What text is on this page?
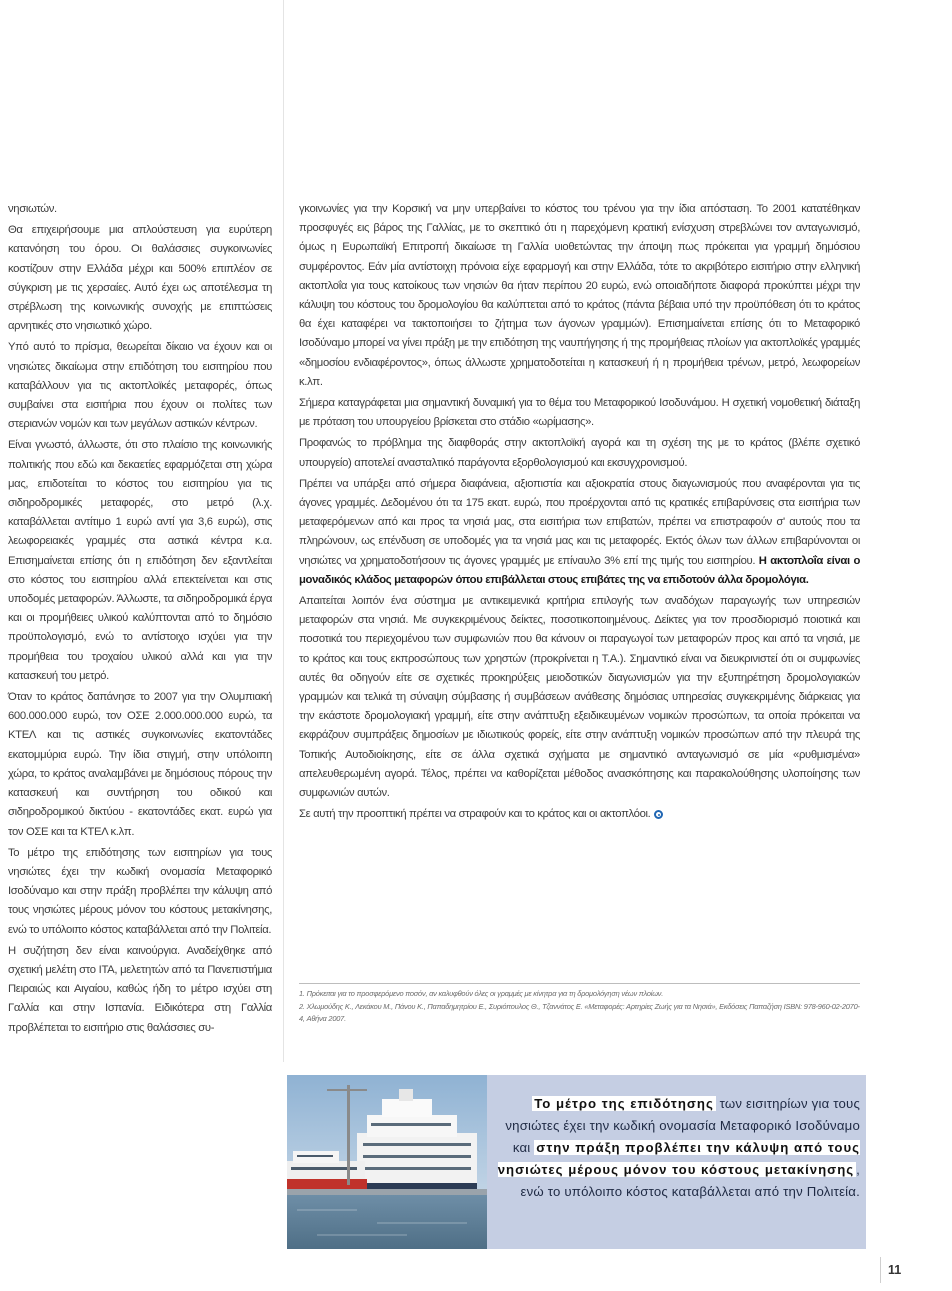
νησιωτών.

Θα επιχειρήσουμε μια απλούστευση για ευρύτερη κατανόηση του όρου. Οι θαλάσσιες συγκοινωνίες κοστίζουν στην Ελλάδα μέχρι και 500% επιπλέον σε σύγκριση με τις χερσαίες. Αυτό έχει ως αποτέλεσμα τη στρέβλωση της κοινωνικής συνοχής με επιπτώσεις αρνητικές στο νησιωτικό χώρο.

Υπό αυτό το πρίσμα, θεωρείται δίκαιο να έχουν και οι νησιώτες δικαίωμα στην επιδότηση του εισιτηρίου που καταβάλλουν για τις ακτοπλοϊκές μεταφορές, όπως συμβαίνει στα εισιτήρια που έχουν οι πολίτες των στεριανών νομών και των μεγάλων αστικών κέντρων.

Είναι γνωστό, άλλωστε, ότι στο πλαίσιο της κοινωνικής πολιτικής που εδώ και δεκαετίες εφαρμόζεται στη χώρα μας, επιδοτείται το κόστος του εισιτηρίου για τις σιδηροδρομικές μεταφορές, στο μετρό (λ.χ. καταβάλλεται αντίτιμο 1 ευρώ αντί για 3,6 ευρώ), στις λεωφορειακές γραμμές στα αστικά κέντρα κ.α. Επισημαίνεται επίσης ότι η επιδότηση δεν εξαντλείται στο κόστος του εισιτηρίου αλλά επεκτείνεται και στις υποδομές μεταφορών. Άλλωστε, τα σιδηροδρομικά έργα και οι προμήθειες υλικού καλύπτονται από το δημόσιο προϋπολογισμό, ενώ το αντίστοιχο ισχύει για την προμήθεια του τροχαίου υλικού αλλά και για την κατασκευή του μετρό.

Όταν το κράτος δαπάνησε το 2007 για την Ολυμπιακή 600.000.000 ευρώ, τον ΟΣΕ 2.000.000.000 ευρώ, τα ΚΤΕΛ και τις αστικές συγκοινωνίες εκατοντάδες εκατομμύρια ευρώ. Την ίδια στιγμή, στην υπόλοιπη χώρα, το κράτος αναλαμβάνει με δημόσιους πόρους την κατασκευή και συντήρηση του οδικού και σιδηροδρομικού δικτύου - εκατοντάδες εκατ. ευρώ για τον ΟΣΕ και τα ΚΤΕΛ κ.λπ.

Το μέτρο της επιδότησης των εισιτηρίων για τους νησιώτες έχει την κωδική ονομασία Μεταφορικό Ισοδύναμο και στην πράξη προβλέπει την κάλυψη από τους νησιώτες μέρους μόνον του κόστους μετακίνησης, ενώ το υπόλοιπο κόστος καταβάλλεται από την Πολιτεία.

Η συζήτηση δεν είναι καινούργια. Αναδείχθηκε από σχετική μελέτη στο ΙΤΑ, μελετητών από τα Πανεπιστήμια Πειραιώς και Αιγαίου, καθώς ήδη το μέτρο ισχύει στη Γαλλία και στην Ισπανία. Ειδικότερα στη Γαλλία προβλέπεται το εισιτήριο στις θαλάσσιες συ-

γκοινωνίες για την Κορσική να μην υπερβαίνει το κόστος του τρένου για την ίδια απόσταση. Το 2001 κατατέθηκαν προσφυγές εις βάρος της Γαλλίας, με το σκεπτικό ότι η παρεχόμενη κρατική ενίσχυση στρεβλώνει τον ανταγωνισμό, όμως η Ευρωπαϊκή Επιτροπή δικαίωσε τη Γαλλία υιοθετώντας την άποψη πως πρόκειται για γραμμή δημόσιου συμφέροντος. Εάν μία αντίστοιχη πρόνοια είχε εφαρμογή και στην Ελλάδα, τότε το ακριβότερο εισιτήριο στην ελληνική ακτοπλοΐα για τους κατοίκους των νησιών θα ήταν περίπου 20 ευρώ, ενώ οποιαδήποτε διαφορά προκύπτει μέχρι την κάλυψη του κόστους του δρομολογίου θα καλύπτεται από το κράτος (πάντα βέβαια υπό την προϋπόθεση ότι το κράτος θα έχει καταφέρει να τακτοποιήσει το ζήτημα των άγονων γραμμών). Επισημαίνεται επίσης ότι το Μεταφορικό Ισοδύναμο μπορεί να γίνει πράξη με την επιδότηση της ναυπήγησης ή της προμήθειας πλοίων για ακτοπλοϊκές γραμμές «δημοσίου ενδιαφέροντος», όπως άλλωστε χρηματοδοτείται η κατασκευή ή η προμήθεια τρένων, μετρό, λεωφορείων κ.λπ.

Σήμερα καταγράφεται μια σημαντική δυναμική για το θέμα του Μεταφορικού Ισοδυνάμου. Η σχετική νομοθετική διάταξη με πρόταση του υπουργείου βρίσκεται στο στάδιο «ωρίμασης».

Προφανώς το πρόβλημα της διαφθοράς στην ακτοπλοϊκή αγορά και τη σχέση της με το κράτος (βλέπε σχετικό υπουργείο) αποτελεί ανασταλτικό παράγοντα εξορθολογισμού και εκσυγχρονισμού.

Πρέπει να υπάρξει από σήμερα διαφάνεια, αξιοπιστία και αξιοκρατία στους διαγωνισμούς που αναφέρονται για τις άγονες γραμμές. Δεδομένου ότι τα 175 εκατ. ευρώ, που προέρχονται από τις κρατικές επιβαρύνσεις στα εισιτήρια των μεταφερόμενων από και προς τα νησιά μας, στα εισιτήρια των επιβατών, πρέπει να επιστραφούν σ' αυτούς που τα πληρώνουν, ως επένδυση σε υποδομές για τα νησιά μας και τις μεταφορές. Εκτός όλων των άλλων επιβαρύνονται οι νησιώτες να χρηματοδοτήσουν τις άγονες γραμμές με επίναυλο 3% επί της τιμής του εισιτηρίου. Η ακτοπλοΐα είναι ο μοναδικός κλάδος μεταφορών όπου επιβάλλεται στους επιβάτες της να επιδοτούν άλλα δρομολόγια.

Απαιτείται λοιπόν ένα σύστημα με αντικειμενικά κριτήρια επιλογής των αναδόχων παραγωγής των υπηρεσιών μεταφορών στα νησιά. Με συγκεκριμένους δείκτες, ποσοτικοποιημένους. Δείκτες για τον προσδιορισμό ποιοτικά και ποσοτικά του περιεχομένου των συμφωνιών που θα κάνουν οι παραγωγοί των μεταφορών προς και από τα νησιά, με το κράτος και τους εκπροσώπους των χρηστών (προκρίνεται η Τ.Α.). Σημαντικό είναι να διευκρινιστεί ότι οι συμφωνίες αυτές θα οδηγούν είτε σε σχετικές προκηρύξεις μειοδοτικών διαγωνισμών για την εξυπηρέτηση δρομολογιακών γραμμών και τελικά τη σύναψη σύμβασης ή συμβάσεων ανάθεσης δημόσιας υπηρεσίας συγκεκριμένης διάρκειας για την εκάστοτε δρομολογιακή γραμμή, είτε στην ανάπτυξη εξειδικευμένων νομικών προσώπων, τα οποία πρόκειται να εκφράζουν συμπράξεις δημοσίων με ιδιωτικούς φορείς, είτε στην ανάπτυξη νομικών προσώπων από την πλευρά της Τοπικής Αυτοδιοίκησης, είτε σε άλλα σχετικά σχήματα με σημαντικό ανταγωνισμό σε μία «ρυθμισμένα» απελευθερωμένη αγορά. Τέλος, πρέπει να καθορίζεται μέθοδος ανασκόπησης και παρακολούθησης υλοποίησης των συμφωνιών αυτών.

Σε αυτή την προοπτική πρέπει να στραφούν και το κράτος και οι ακτοπλόοι.

1. Πρόκειται για το προσφερόμενο ποσόν, αν καλυφθούν όλες οι γραμμές με κίνητρα για τη δρομολόγηση νέων πλοίων.
2. Χλωμούδης Κ., Λεκάκου Μ., Πάνου Κ., Παπαδημητρίου Ε., Συριόπουλος Θ., Τζαννάτος Ε. «Μεταφορές: Αρτηρίες Ζωής για τα Νησιά», Εκδόσεις Παπαζήση ISBN: 978-960-02-2070-4, Αθήνα 2007.
Το μέτρο της επιδότησης των εισιτηρίων για τους νησιώτες έχει την κωδική ονομασία Μεταφορικό Ισοδύναμο και στην πράξη προβλέπει την κάλυψη από τους νησιώτες μέρους μόνον του κόστους μετακίνησης , ενώ το υπόλοιπο κόστος καταβάλλεται από την Πολιτεία.
11
